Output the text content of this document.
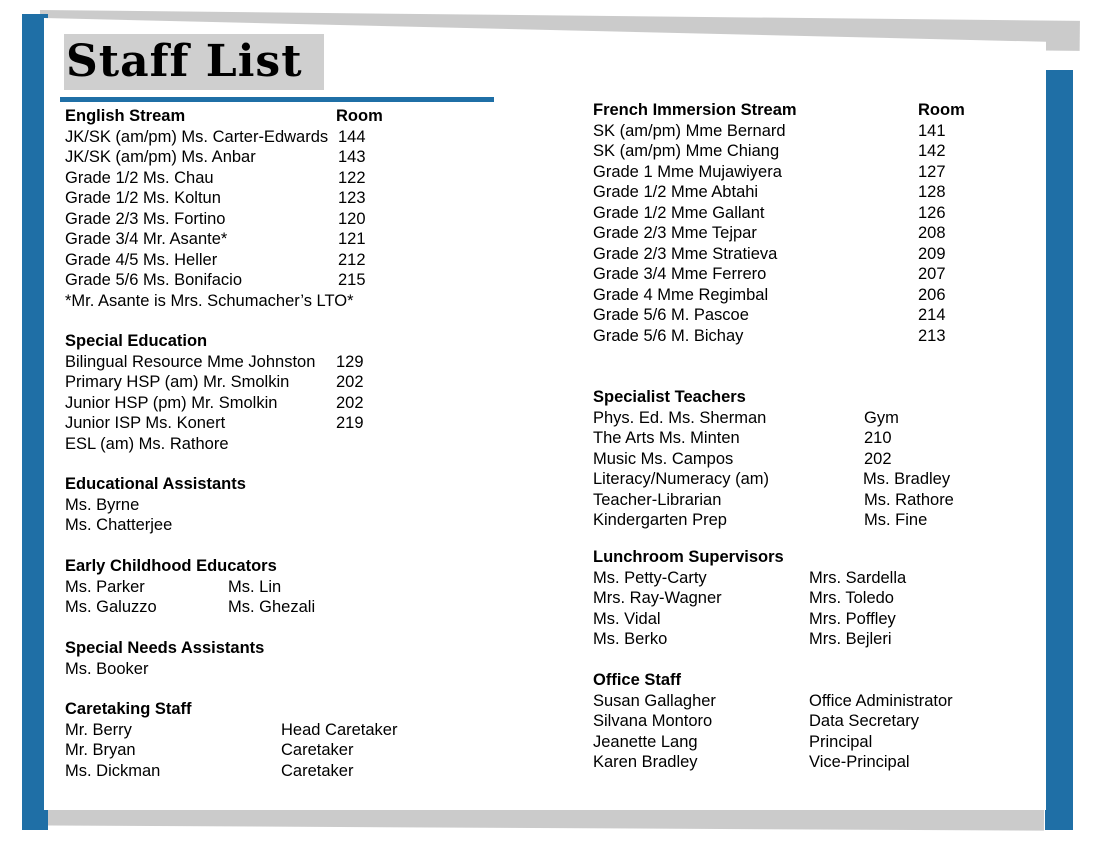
Staff List
English Stream	Room
JK/SK (am/pm) Ms. Carter-Edwards 144
JK/SK (am/pm) Ms. Anbar	143
Grade 1/2 Ms. Chau	122
Grade 1/2 Ms. Koltun	123
Grade 2/3 Ms. Fortino	120
Grade 3/4 Mr. Asante*	121
Grade 4/5 Ms. Heller	212
Grade 5/6 Ms. Bonifacio	215
*Mr. Asante is Mrs. Schumacher’s LTO*
Special Education
Bilingual Resource Mme Johnston 129
Primary HSP (am) Mr. Smolkin	202
Junior HSP (pm) Mr. Smolkin	202
Junior ISP Ms. Konert	219
ESL (am) Ms. Rathore
Educational Assistants
Ms. Byrne
Ms. Chatterjee
Early Childhood Educators
Ms. Parker	Ms. Lin
Ms. Galuzzo	Ms. Ghezali
Special Needs Assistants
Ms. Booker
Caretaking Staff
Mr. Berry	Head Caretaker
Mr. Bryan	Caretaker
Ms. Dickman	Caretaker
French Immersion Stream	Room
SK (am/pm) Mme Bernard	141
SK (am/pm) Mme Chiang	142
Grade 1 Mme Mujawiyera	127
Grade 1/2 Mme Abtahi	128
Grade 1/2 Mme Gallant	126
Grade 2/3 Mme Tejpar	208
Grade 2/3 Mme Stratieva	209
Grade 3/4 Mme Ferrero	207
Grade 4 Mme Regimbal	206
Grade 5/6 M. Pascoe	214
Grade 5/6 M. Bichay	213
Specialist Teachers
Phys. Ed. Ms. Sherman	Gym
The Arts Ms. Minten	210
Music Ms. Campos	202
Literacy/Numeracy (am)	Ms. Bradley
Teacher-Librarian	Ms. Rathore
Kindergarten Prep	Ms. Fine
Lunchroom Supervisors
Ms. Petty-Carty	Mrs. Sardella
Mrs. Ray-Wagner	Mrs. Toledo
Ms. Vidal	Mrs. Poffley
Ms. Berko	Mrs. Bejleri
Office Staff
Susan Gallagher	Office Administrator
Silvana Montoro	Data Secretary
Jeanette Lang	Principal
Karen Bradley	Vice-Principal
